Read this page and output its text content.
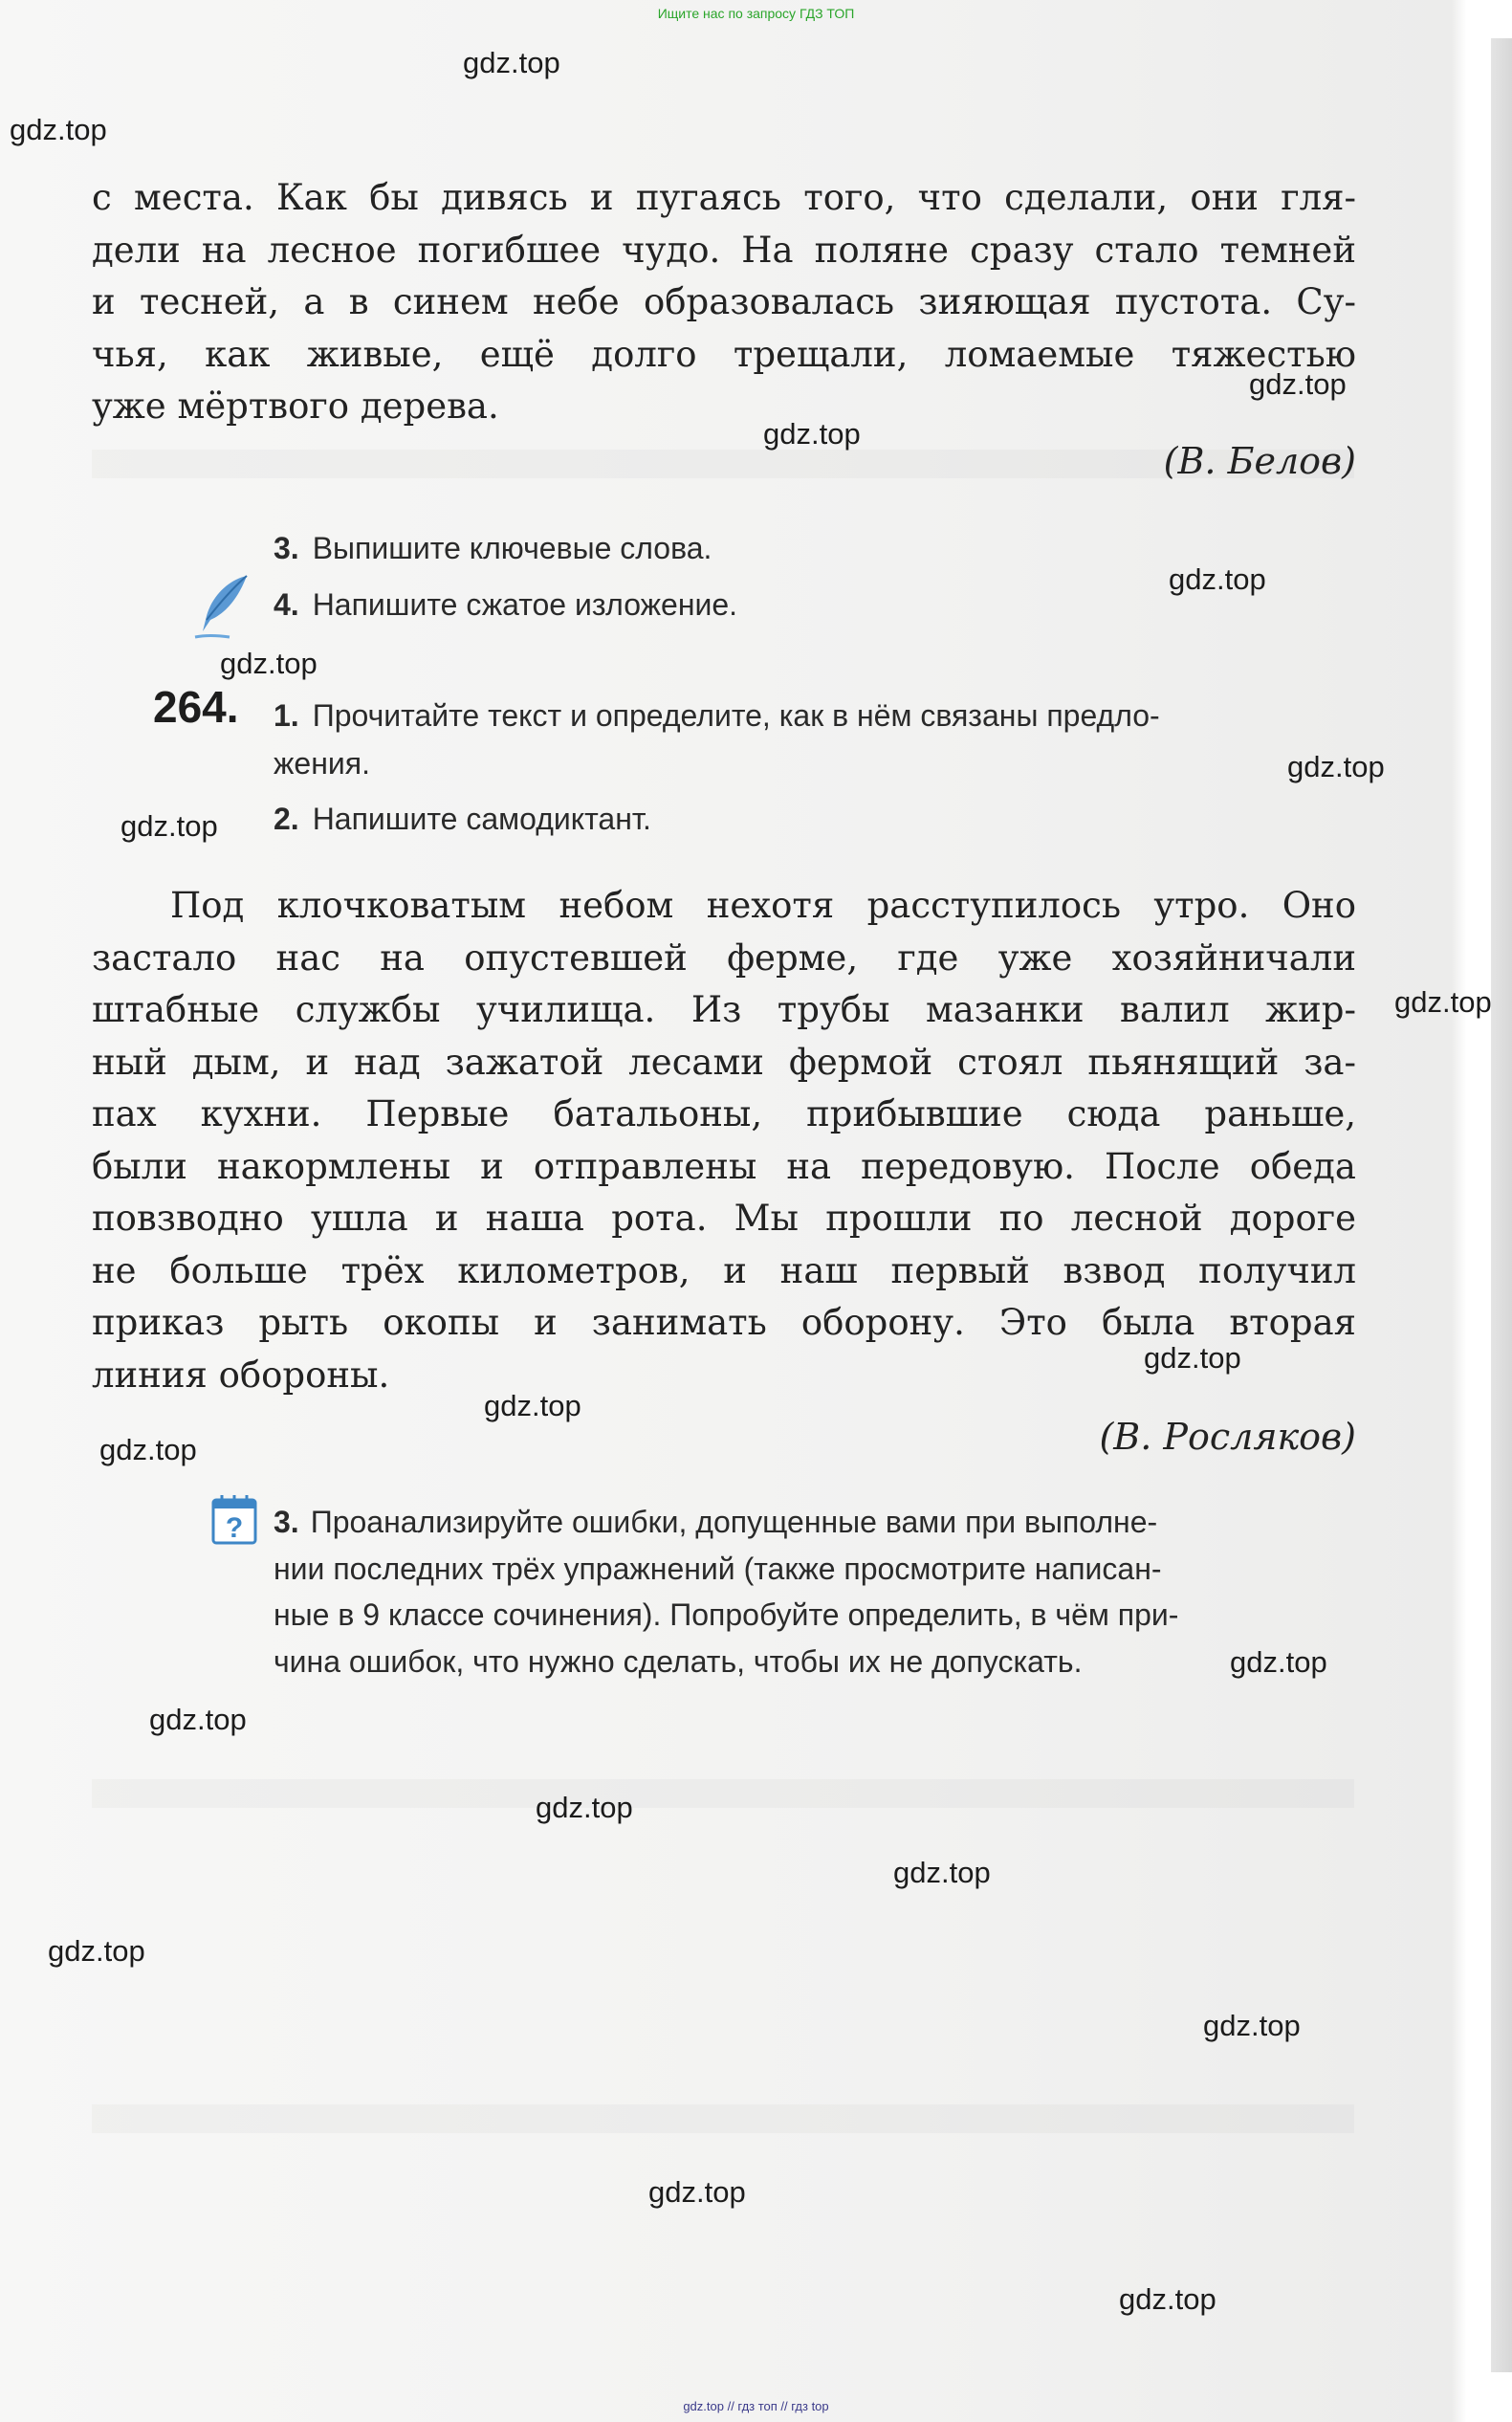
Ищите нас по запросу ГДЗ ТОП
с места. Как бы дивясь и пугаясь того, что сделали, они гля-
дели на лесное погибшее чудо. На поляне сразу стало темней
и тесней, а в синем небе образовалась зияющая пустота. Су-
чья, как живые, ещё долго трещали, ломаемые тяжестью
уже мёртвого дерева.
(В. Белов)
3. Выпишите ключевые слова.
4. Напишите сжатое изложение.
264. 1. Прочитайте текст и определите, как в нём связаны предло-
жения.
2. Напишите самодиктант.
Под клочковатым небом нехотя расступилось утро. Оно
застало нас на опустевшей ферме, где уже хозяйничали
штабные службы училища. Из трубы мазанки валил жир-
ный дым, и над зажатой лесами фермой стоял пьянящий за-
пах кухни. Первые батальоны, прибывшие сюда раньше,
были накормлены и отправлены на передовую. После обеда
повзводно ушла и наша рота. Мы прошли по лесной дороге
не больше трёх километров, и наш первый взвод получил
приказ рыть окопы и занимать оборону. Это была вторая
линия обороны.
(В. Росляков)
? 3. Проанализируйте ошибки, допущенные вами при выполне-
нии последних трёх упражнений (также просмотрите написан-
ные в 9 классе сочинения). Попробуйте определить, в чём при-
чина ошибок, что нужно сделать, чтобы их не допускать.
gdz.top
gdz.top
gdz.top
gdz.top
gdz.top
gdz.top
gdz.top
gdz.top
gdz.top
gdz.top
gdz.top
gdz.top
gdz.top
gdz.top
gdz.top
gdz.top
gdz.top
gdz.top
gdz.top
gdz.top
gdz.top // гдз топ // гдз top
